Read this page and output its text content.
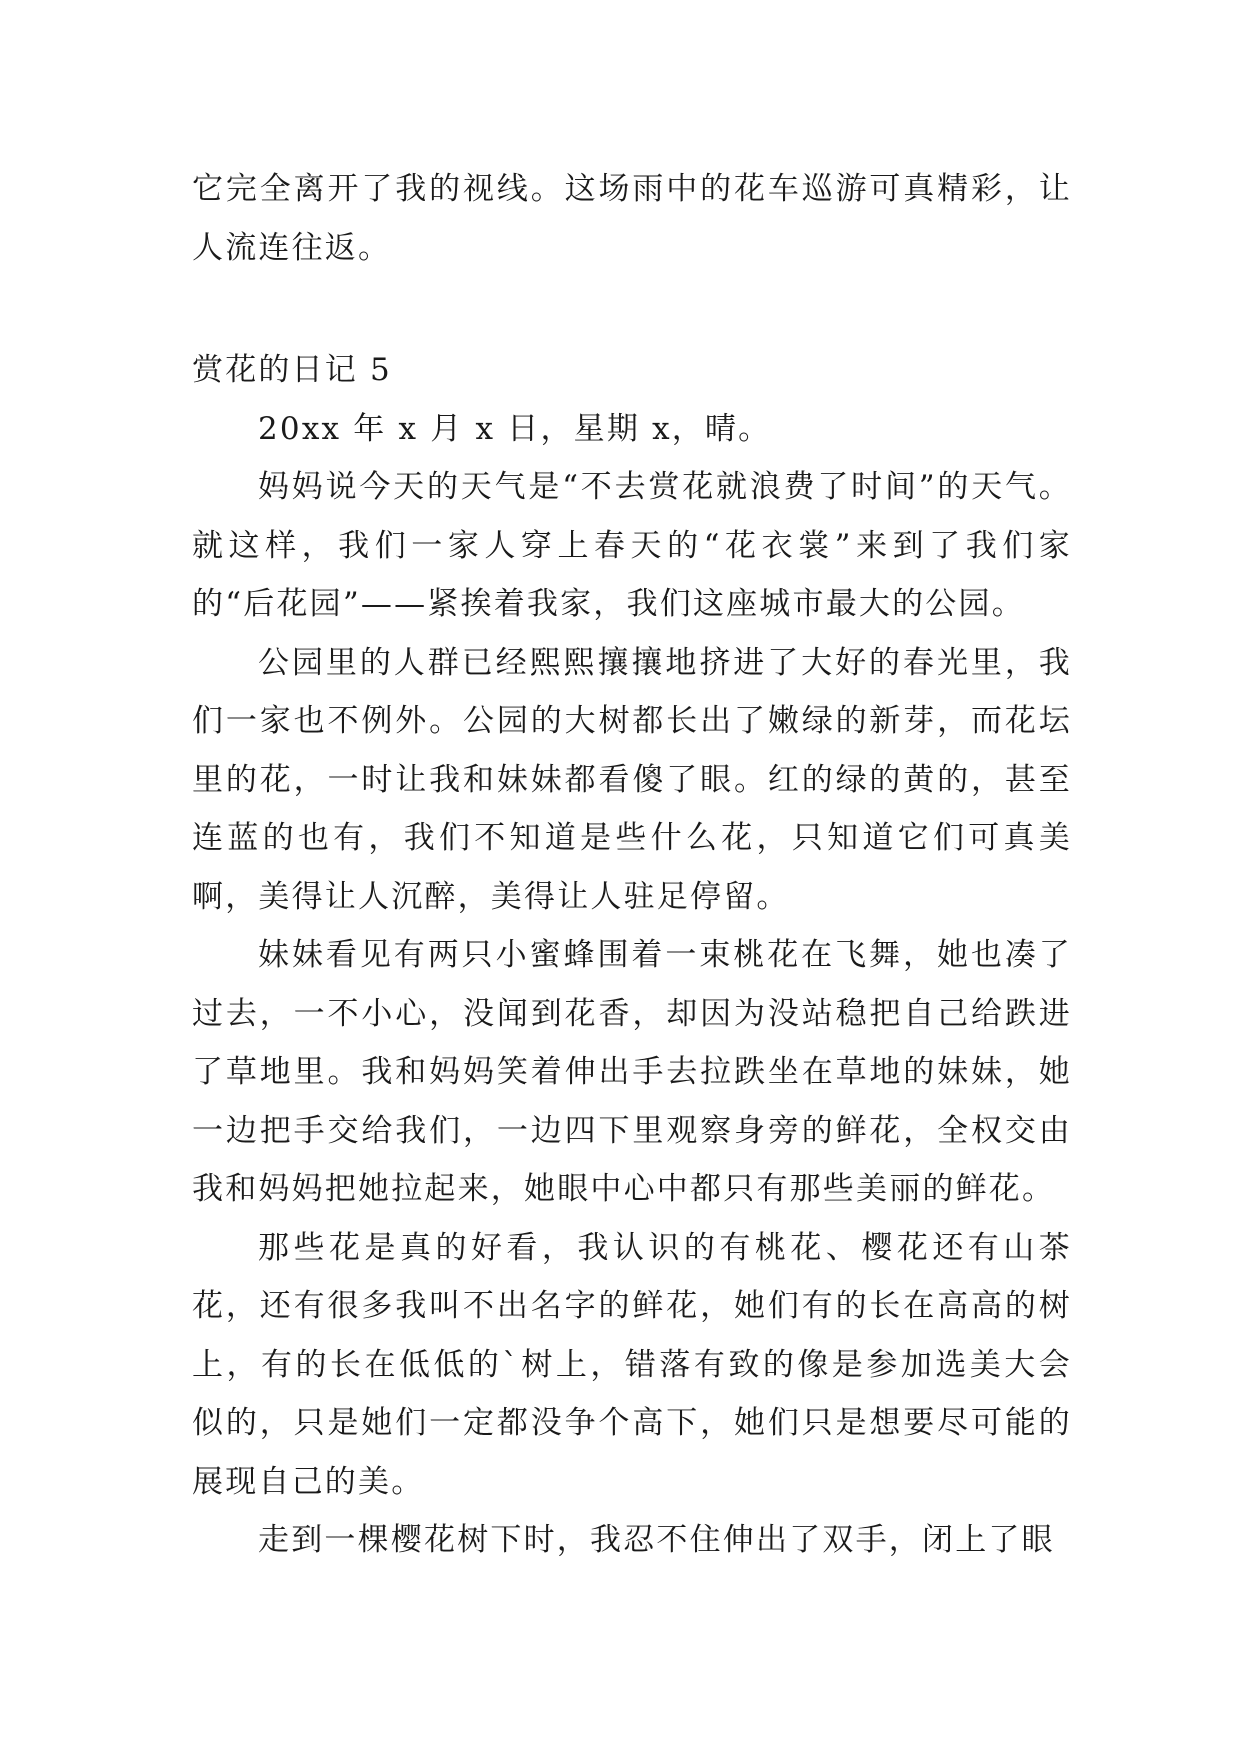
它完全离开了我的视线。这场雨中的花车巡游可真精彩，让人流连往返。

赏花的日记 5

20xx 年 x 月 x 日，星期 x，晴。

妈妈说今天的天气是“不去赏花就浪费了时间”的天气。就这样，我们一家人穿上春天的“花衣裳”来到了我们家的“后花园”——紧挨着我家，我们这座城市最大的公园。

公园里的人群已经熙熙攘攘地挤进了大好的春光里，我们一家也不例外。公园的大树都长出了嫩绿的新芽，而花坛里的花，一时让我和妹妹都看傻了眼。红的绿的黄的，甚至连蓝的也有，我们不知道是些什么花，只知道它们可真美啊，美得让人沉醉，美得让人驻足停留。

妹妹看见有两只小蜜蜂围着一束桃花在飞舞，她也凑了过去，一不小心，没闻到花香，却因为没站稳把自己给跌进了草地里。我和妈妈笑着伸出手去拉跌坐在草地的妹妹，她一边把手交给我们，一边四下里观察身旁的鲜花，全权交由我和妈妈把她拉起来，她眼中心中都只有那些美丽的鲜花。

那些花是真的好看，我认识的有桃花、樱花还有山茶花，还有很多我叫不出名字的鲜花，她们有的长在高高的树上，有的长在低低的`树上，错落有致的像是参加选美大会似的，只是她们一定都没争个高下，她们只是想要尽可能的展现自己的美。

走到一棵樱花树下时，我忍不住伸出了双手，闭上了眼
